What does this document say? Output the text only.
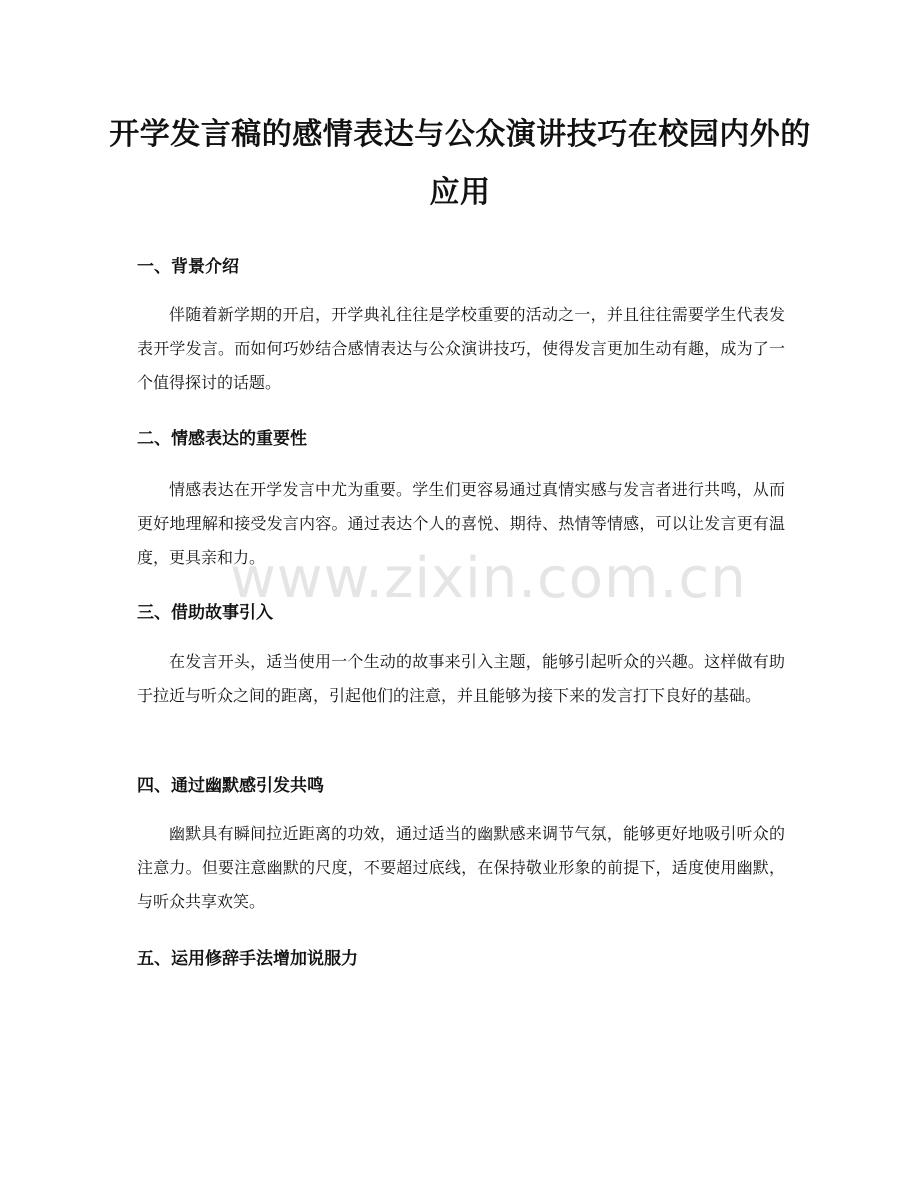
开学发言稿的感情表达与公众演讲技巧在校园内外的应用
一、背景介绍

伴随着新学期的开启，开学典礼往往是学校重要的活动之一，并且往往需要学生代表发表开学发言。而如何巧妙结合感情表达与公众演讲技巧，使得发言更加生动有趣，成为了一个值得探讨的话题。

二、情感表达的重要性

情感表达在开学发言中尤为重要。学生们更容易通过真情实感与发言者进行共鸣，从而更好地理解和接受发言内容。通过表达个人的喜悦、期待、热情等情感，可以让发言更有温度，更具亲和力。

三、借助故事引入

在发言开头，适当使用一个生动的故事来引入主题，能够引起听众的兴趣。这样做有助于拉近与听众之间的距离，引起他们的注意，并且能够为接下来的发言打下良好的基础。

四、通过幽默感引发共鸣

幽默具有瞬间拉近距离的功效，通过适当的幽默感来调节气氛，能够更好地吸引听众的注意力。但要注意幽默的尺度，不要超过底线，在保持敬业形象的前提下，适度使用幽默，与听众共享欢笑。

五、运用修辞手法增加说服力
www.zixin.com.cn
